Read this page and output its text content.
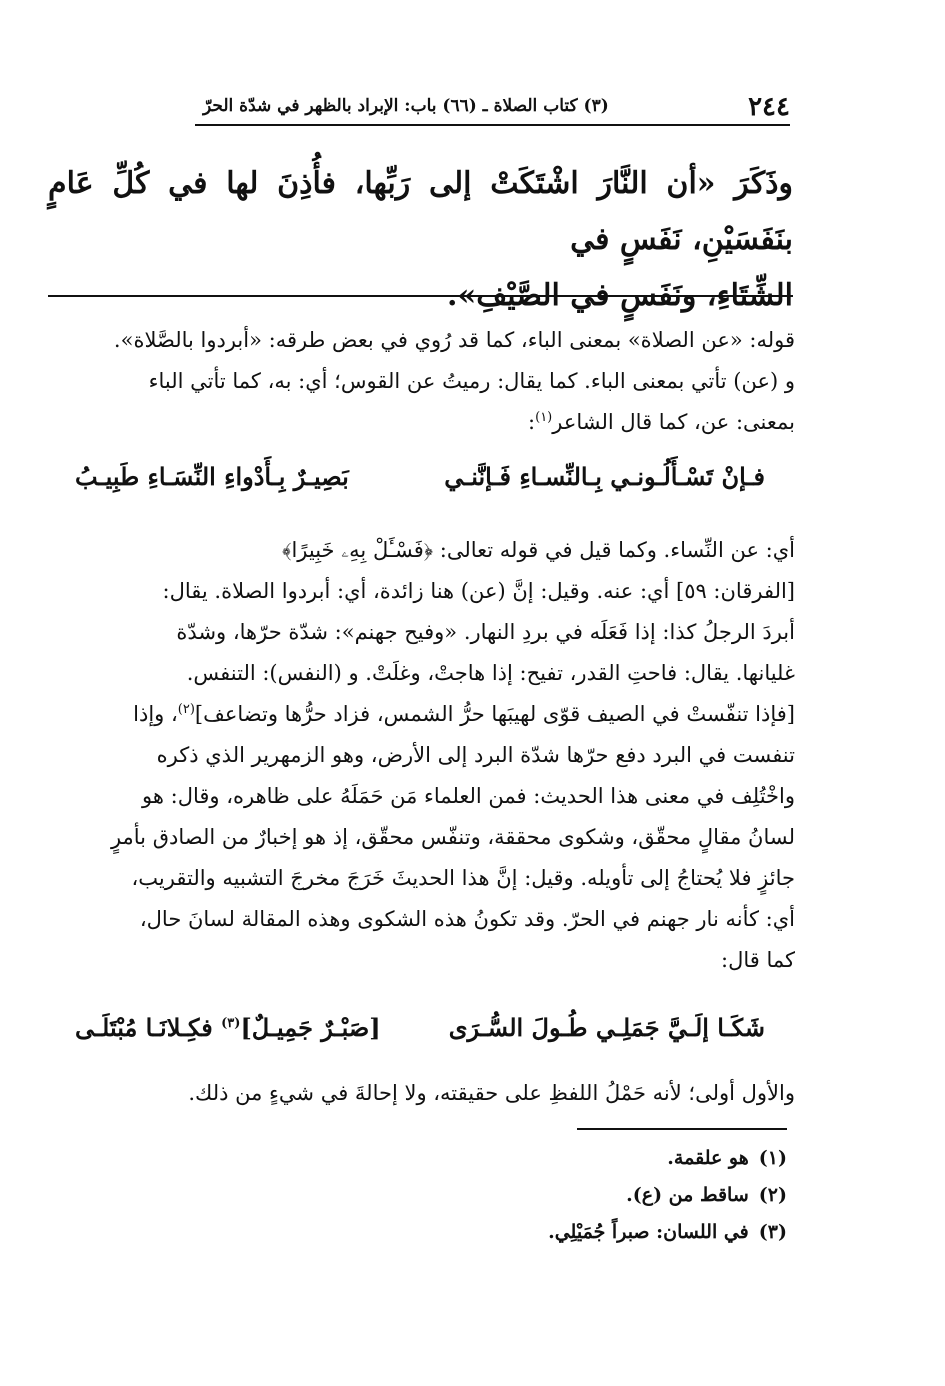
٢٤٤
(٣) كتاب الصلاة ـ (٦٦) باب: الإبراد بالظهر في شدّة الحرّ

وذَكَرَ «أن النَّارَ اشْتَكَتْ إلى رَبِّها، فأُذِنَ لها في كُلِّ عَامٍ بنَفَسَيْنِ، نَفَسٍ في

الشِّتَاءِ، ونَفَسٍ في الصَّيْفِ».

قوله: «عن الصلاة» بمعنى الباء، كما قد رُوي في بعض طرقه: «أبردوا بالصَّلاة».

و (عن) تأتي بمعنى الباء. كما يقال: رميتُ عن القوس؛ أي: به، كما تأتي الباء

بمعنى: عن، كما قال الشاعر$^{(١)}$:

فـإنْ تَسْـأَلُـونـي بِـالنِّسـاءِ فَـإنَّنـي
بَصِيـرٌ بِـأَدْواءِ النِّسَـاءِ طَبِيـبُ

أي: عن النِّساء. وكما قيل في قوله تعالى: ﴿فَسْـَٔلْ بِهِۦ خَبِيرًا﴾

[الفرقان: ٥٩] أي: عنه. وقيل: إنَّ (عن) هنا زائدة، أي: أبردوا الصلاة. يقال:

أبردَ الرجلُ كذا: إذا فَعَلَه في بردِ النهار. «وفيح جهنم»: شدّة حرّها، وشدّة

غليانها. يقال: فاحتِ القدر، تفيح: إذا هاجتْ، وغلَتْ. و (النفس): التنفس.

[فإذا تنفّستْ في الصيف قوّى لهيبَها حرُّ الشمس، فزاد حرُّها وتضاعف]$^{(٢)}$، وإذا

تنفست في البرد دفع حرّها شدّة البرد إلى الأرض، وهو الزمهرير الذي ذكره

واخْتُلِف في معنى هذا الحديث: فمن العلماء مَن حَمَلَهُ على ظاهره، وقال: هو

لسانُ مقالٍ محقّق، وشكوى محققة، وتنفّس محقّق، إذ هو إخبارٌ من الصادق بأمرٍ

جائزٍ فلا يُحتاجُ إلى تأويله. وقيل: إنَّ هذا الحديثَ خَرَجَ مخرجَ التشبيه والتقريب،

أي: كأنه نار جهنم في الحرّ. وقد تكونُ هذه الشكوى وهذه المقالة لسانَ حال،

كما قال:

شَكَـا إلَـيَّ جَمَلِـي طُـولَ السُّـرَى
[صَبْـرٌ جَمِيـلٌ]$^{(٣)}$ فكِـلانَـا مُبْتَلَـى

والأول أولى؛ لأنه حَمْلُ اللفظِ على حقيقته، ولا إحالةَ في شيءٍ من ذلك.

(١)هو علقمة.
(٢)ساقط من (ع).
(٣)في اللسان: صبراً جُمَيْلِي.
